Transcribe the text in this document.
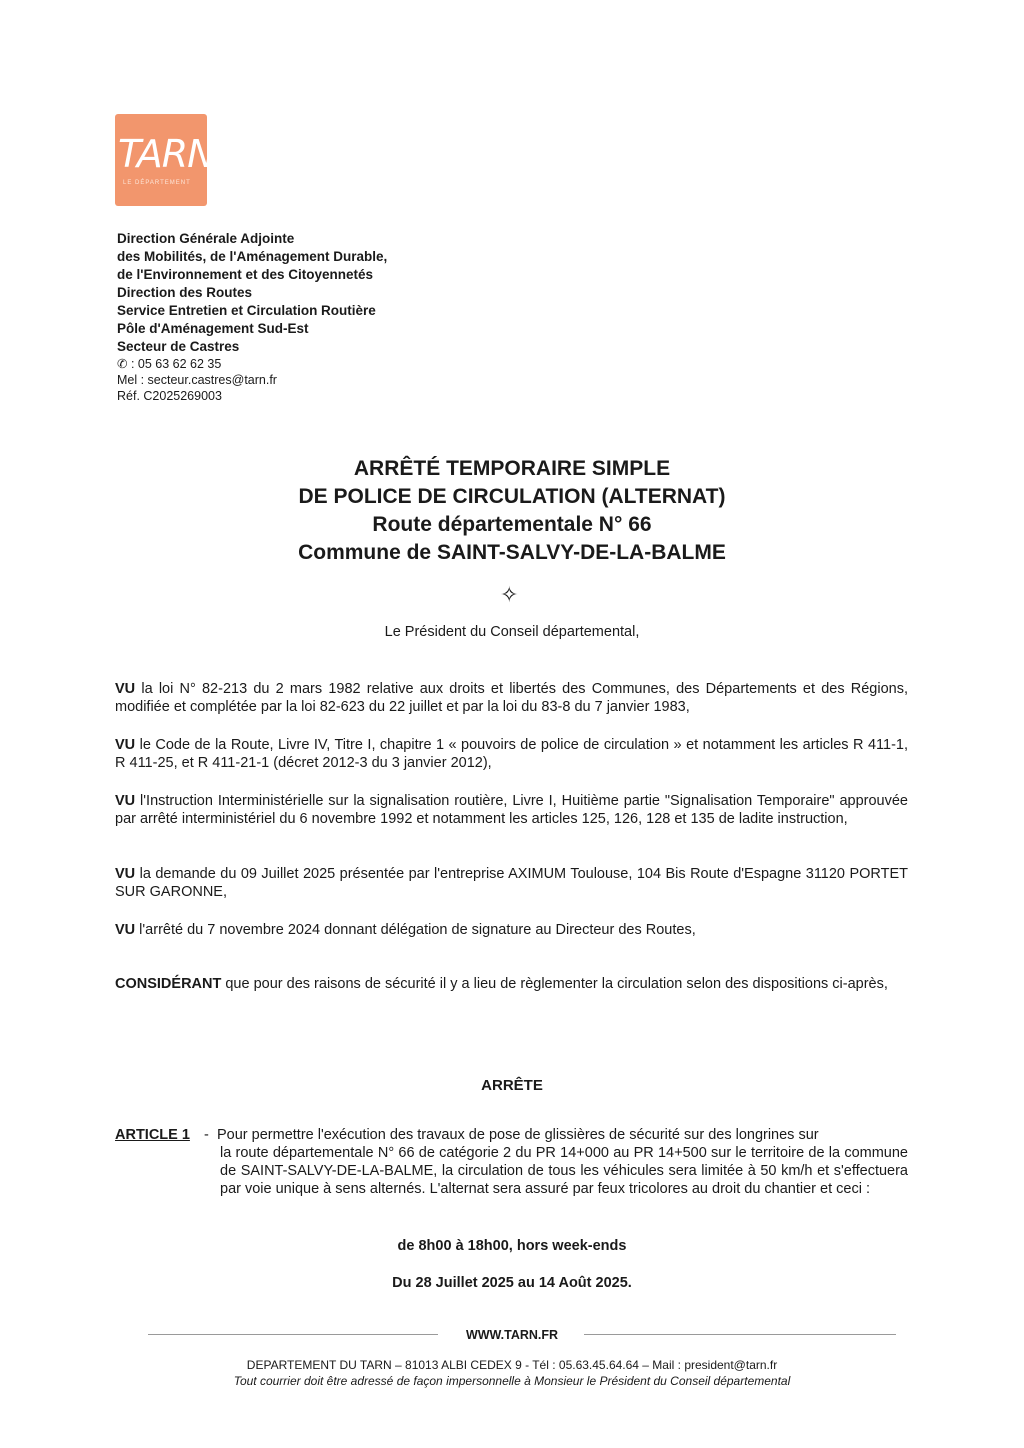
TARN
LE DÉPARTEMENT
Direction Générale Adjointe
des Mobilités, de l'Aménagement Durable,
de l'Environnement et des Citoyennetés
Direction des Routes
Service Entretien et Circulation Routière
Pôle d'Aménagement Sud-Est
Secteur de Castres
✆ : 05 63 62 62 35
Mel : secteur.castres@tarn.fr
Réf. C2025269003
ARRÊTÉ TEMPORAIRE SIMPLE
DE POLICE DE CIRCULATION (ALTERNAT)
Route départementale N° 66
Commune de SAINT-SALVY-DE-LA-BALME
✧
Le Président du Conseil départemental,
VU la loi N° 82-213 du 2 mars 1982 relative aux droits et libertés des Communes, des Départements et des Régions, modifiée et complétée par la loi 82-623 du 22 juillet et par la loi du 83-8 du 7 janvier 1983,
VU le Code de la Route, Livre IV, Titre I, chapitre 1 « pouvoirs de police de circulation » et notamment les articles R 411-1, R 411-25, et R 411-21-1 (décret 2012-3 du 3 janvier 2012),
VU l'Instruction Interministérielle sur la signalisation routière, Livre I, Huitième partie "Signalisation Temporaire" approuvée par arrêté interministériel du 6 novembre 1992 et notamment les articles 125, 126, 128 et 135 de ladite instruction,
VU la demande du 09 Juillet 2025 présentée par l'entreprise AXIMUM Toulouse, 104 Bis Route d'Espagne 31120 PORTET SUR GARONNE,
VU l'arrêté du 7 novembre 2024 donnant délégation de signature au Directeur des Routes,
CONSIDÉRANT que pour des raisons de sécurité il y a lieu de règlementer la circulation selon des dispositions ci-après,
ARRÊTE
ARTICLE 1 - Pour permettre l'exécution des travaux de pose de glissières de sécurité sur des longrines sur
la route départementale N° 66 de catégorie 2 du PR 14+000 au PR 14+500 sur le territoire de la commune de SAINT-SALVY-DE-LA-BALME, la circulation de tous les véhicules sera limitée à 50 km/h et s'effectuera par voie unique à sens alternés. L'alternat sera assuré par feux tricolores au droit du chantier et ceci :
de 8h00 à 18h00, hors week-ends
Du 28 Juillet 2025 au 14 Août 2025.
WWW.TARN.FR
DEPARTEMENT DU TARN – 81013 ALBI CEDEX 9 - Tél : 05.63.45.64.64 – Mail : president@tarn.fr
Tout courrier doit être adressé de façon impersonnelle à Monsieur le Président du Conseil départemental
